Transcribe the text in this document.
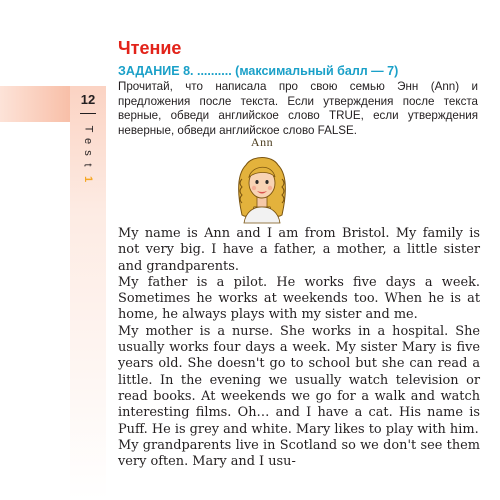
12
T
e
s
t
1
Чтение
ЗАДАНИЕ 8. .......... (максимальный балл — 7)
Прочитай, что написала про свою семью Энн (Ann) и предложения после текста. Если утверждения после текста верные, обведи английское слово TRUE, если утверждения неверные, обведи английское слово FALSE.
Ann

My name is Ann and I am from Bristol. My family is not very big. I have a father, a mother, a little sister and grandparents.

My father is a pilot. He works five days a week. Sometimes he works at weekends too. When he is at home, he always plays with my sister and me.

My mother is a nurse. She works in a hospital. She usually works four days a week. My sister Mary is five years old. She doesn't go to school but she can read a little. In the evening we usually watch television or read books. At weekends we go for a walk and watch interesting films. Oh… and I have a cat. His name is Puff. He is grey and white. Mary likes to play with him.

My grandparents live in Scotland so we don't see them very often. Mary and I usu-
